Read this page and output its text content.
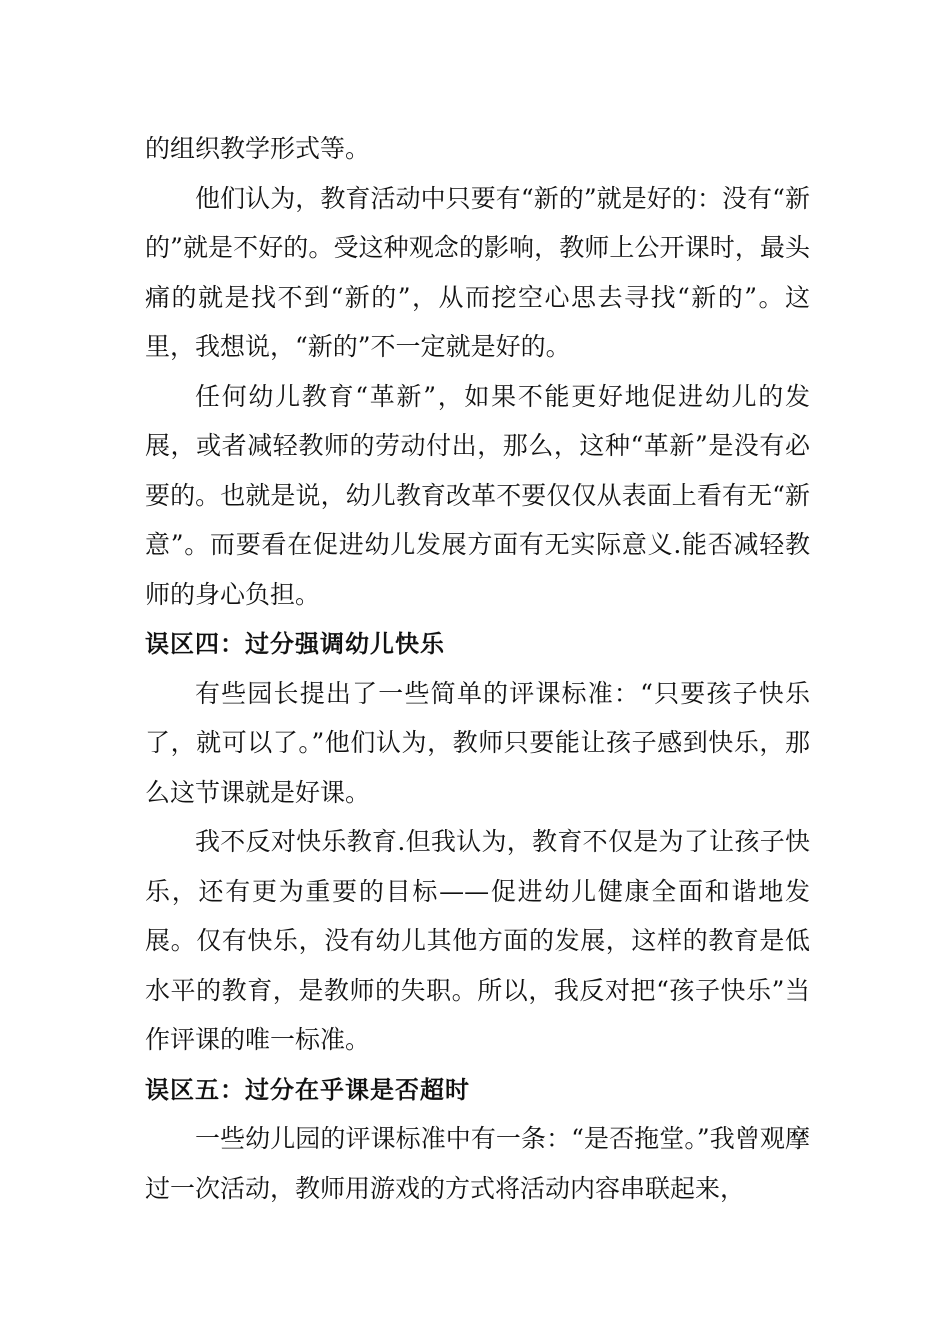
的组织教学形式等。

他们认为，教育活动中只要有“新的”就是好的：没有“新的”就是不好的。受这种观念的影响，教师上公开课时，最头痛的就是找不到“新的”，从而挖空心思去寻找“新的”。这里，我想说，“新的”不一定就是好的。

任何幼儿教育“革新”，如果不能更好地促进幼儿的发展，或者减轻教师的劳动付出，那么，这种“革新”是没有必要的。也就是说，幼儿教育改革不要仅仅从表面上看有无“新意”。而要看在促进幼儿发展方面有无实际意义.能否减轻教师的身心负担。

误区四：过分强调幼儿快乐

有些园长提出了一些简单的评课标准：“只要孩子快乐了，就可以了。”他们认为，教师只要能让孩子感到快乐，那么这节课就是好课。

我不反对快乐教育.但我认为，教育不仅是为了让孩子快乐，还有更为重要的目标——促进幼儿健康全面和谐地发展。仅有快乐，没有幼儿其他方面的发展，这样的教育是低水平的教育，是教师的失职。所以，我反对把“孩子快乐”当作评课的唯一标准。

误区五：过分在乎课是否超时

一些幼儿园的评课标准中有一条：“是否拖堂。”我曾观摩过一次活动，教师用游戏的方式将活动内容串联起来，
